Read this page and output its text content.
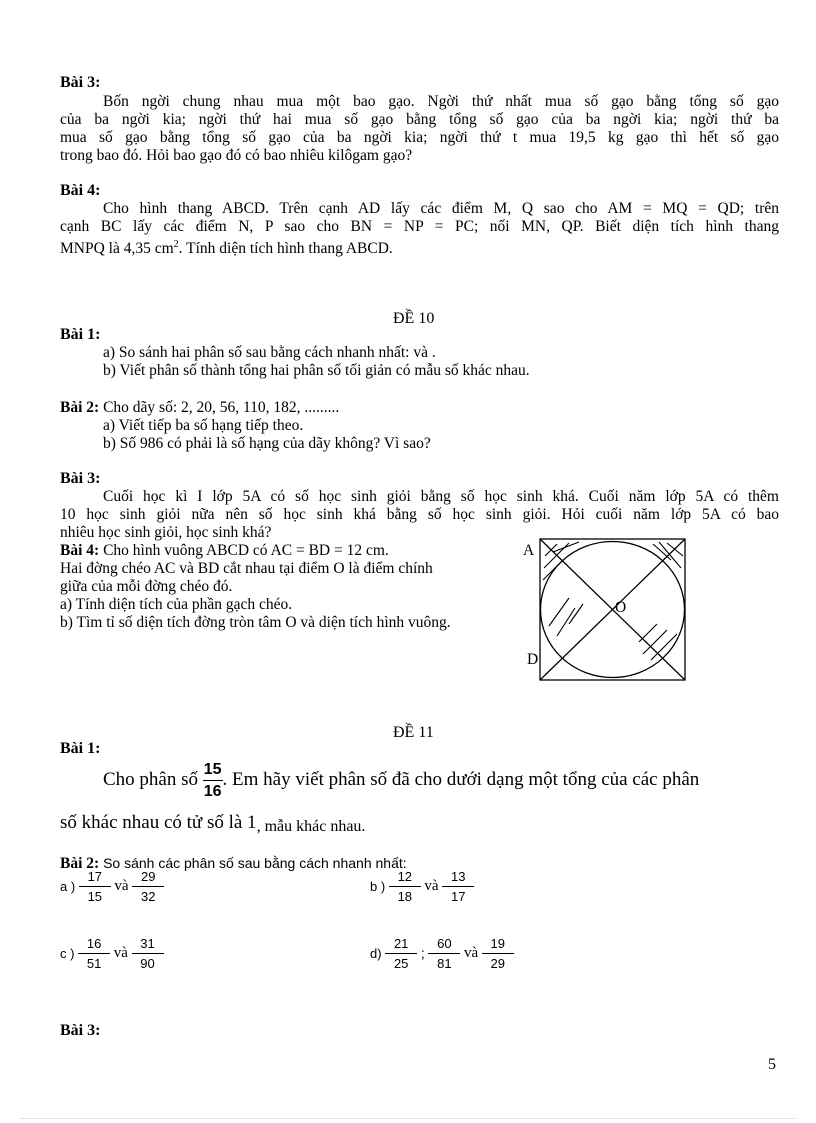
Bài 3:
Bốn ngời chung nhau mua một bao gạo. Ngời thứ nhất mua số gạo bằng tổng số gạo
của ba ngời kia; ngời thứ hai mua số gạo bằng tổng số gạo của ba ngời kia; ngời thứ ba
mua số gạo bằng tổng số gạo của ba ngời kia; ngời thứ t mua 19,5 kg gạo thì hết số gạo
trong bao đó. Hỏi bao gạo đó có bao nhiêu kilôgam gạo?
Bài 4:
Cho hình thang ABCD. Trên cạnh AD lấy các điểm M, Q sao cho AM = MQ = QD; trên
cạnh BC lấy các điểm N, P sao cho BN = NP = PC; nối MN, QP. Biết diện tích hình thang
MNPQ là 4,35 $cm^2$. Tính diện tích hình thang ABCD.
ĐỀ 10
Bài 1:
a) So sánh hai phân số sau bằng cách nhanh nhất: và .
b) Viết phân số thành tổng hai phân số tối giản có mẫu số khác nhau.
Bài 2: Cho dãy số: 2, 20, 56, 110, 182, .........
a) Viết tiếp ba số hạng tiếp theo.
b) Số 986 có phải là số hạng của dãy không? Vì sao?
Bài 3:
Cuối học kì I lớp 5A có số học sinh giỏi bằng số học sinh khá. Cuối năm lớp 5A có thêm
10 học sinh giỏi nữa nên số học sinh khá bằng số học sinh giỏi. Hỏi cuối năm lớp 5A có bao
nhiêu học sinh giỏi, học sinh khá?
Bài 4: Cho hình vuông ABCD có AC = BD = 12 cm.
Hai đờng chéo AC và BD cắt nhau tại điểm O là điểm chính
giữa của mỗi đờng chéo đó.
a) Tính diện tích của phần gạch chéo.
b) Tìm tỉ số diện tích đờng tròn tâm O và diện tích hình vuông.
A
D
O
ĐỀ 11
Bài 1:
Cho phân số $\frac{15}{16}$ . Em hãy viết phân số đã cho dưới dạng một tổng của các phân
số khác nhau có tử số là 1, mẫu khác nhau.
Bài 2: So sánh các phân số sau bằng cách nhanh nhất:
a ) $\frac{17}{15}$ và $\frac{29}{32}$	b ) $\frac{12}{18}$ và $\frac{13}{17}$
c ) $\frac{16}{51}$ và $\frac{31}{90}$	$d) \frac{21}{25}$ ; $\frac{60}{81}$ và $\frac{19}{29}$
Bài 3:
5
